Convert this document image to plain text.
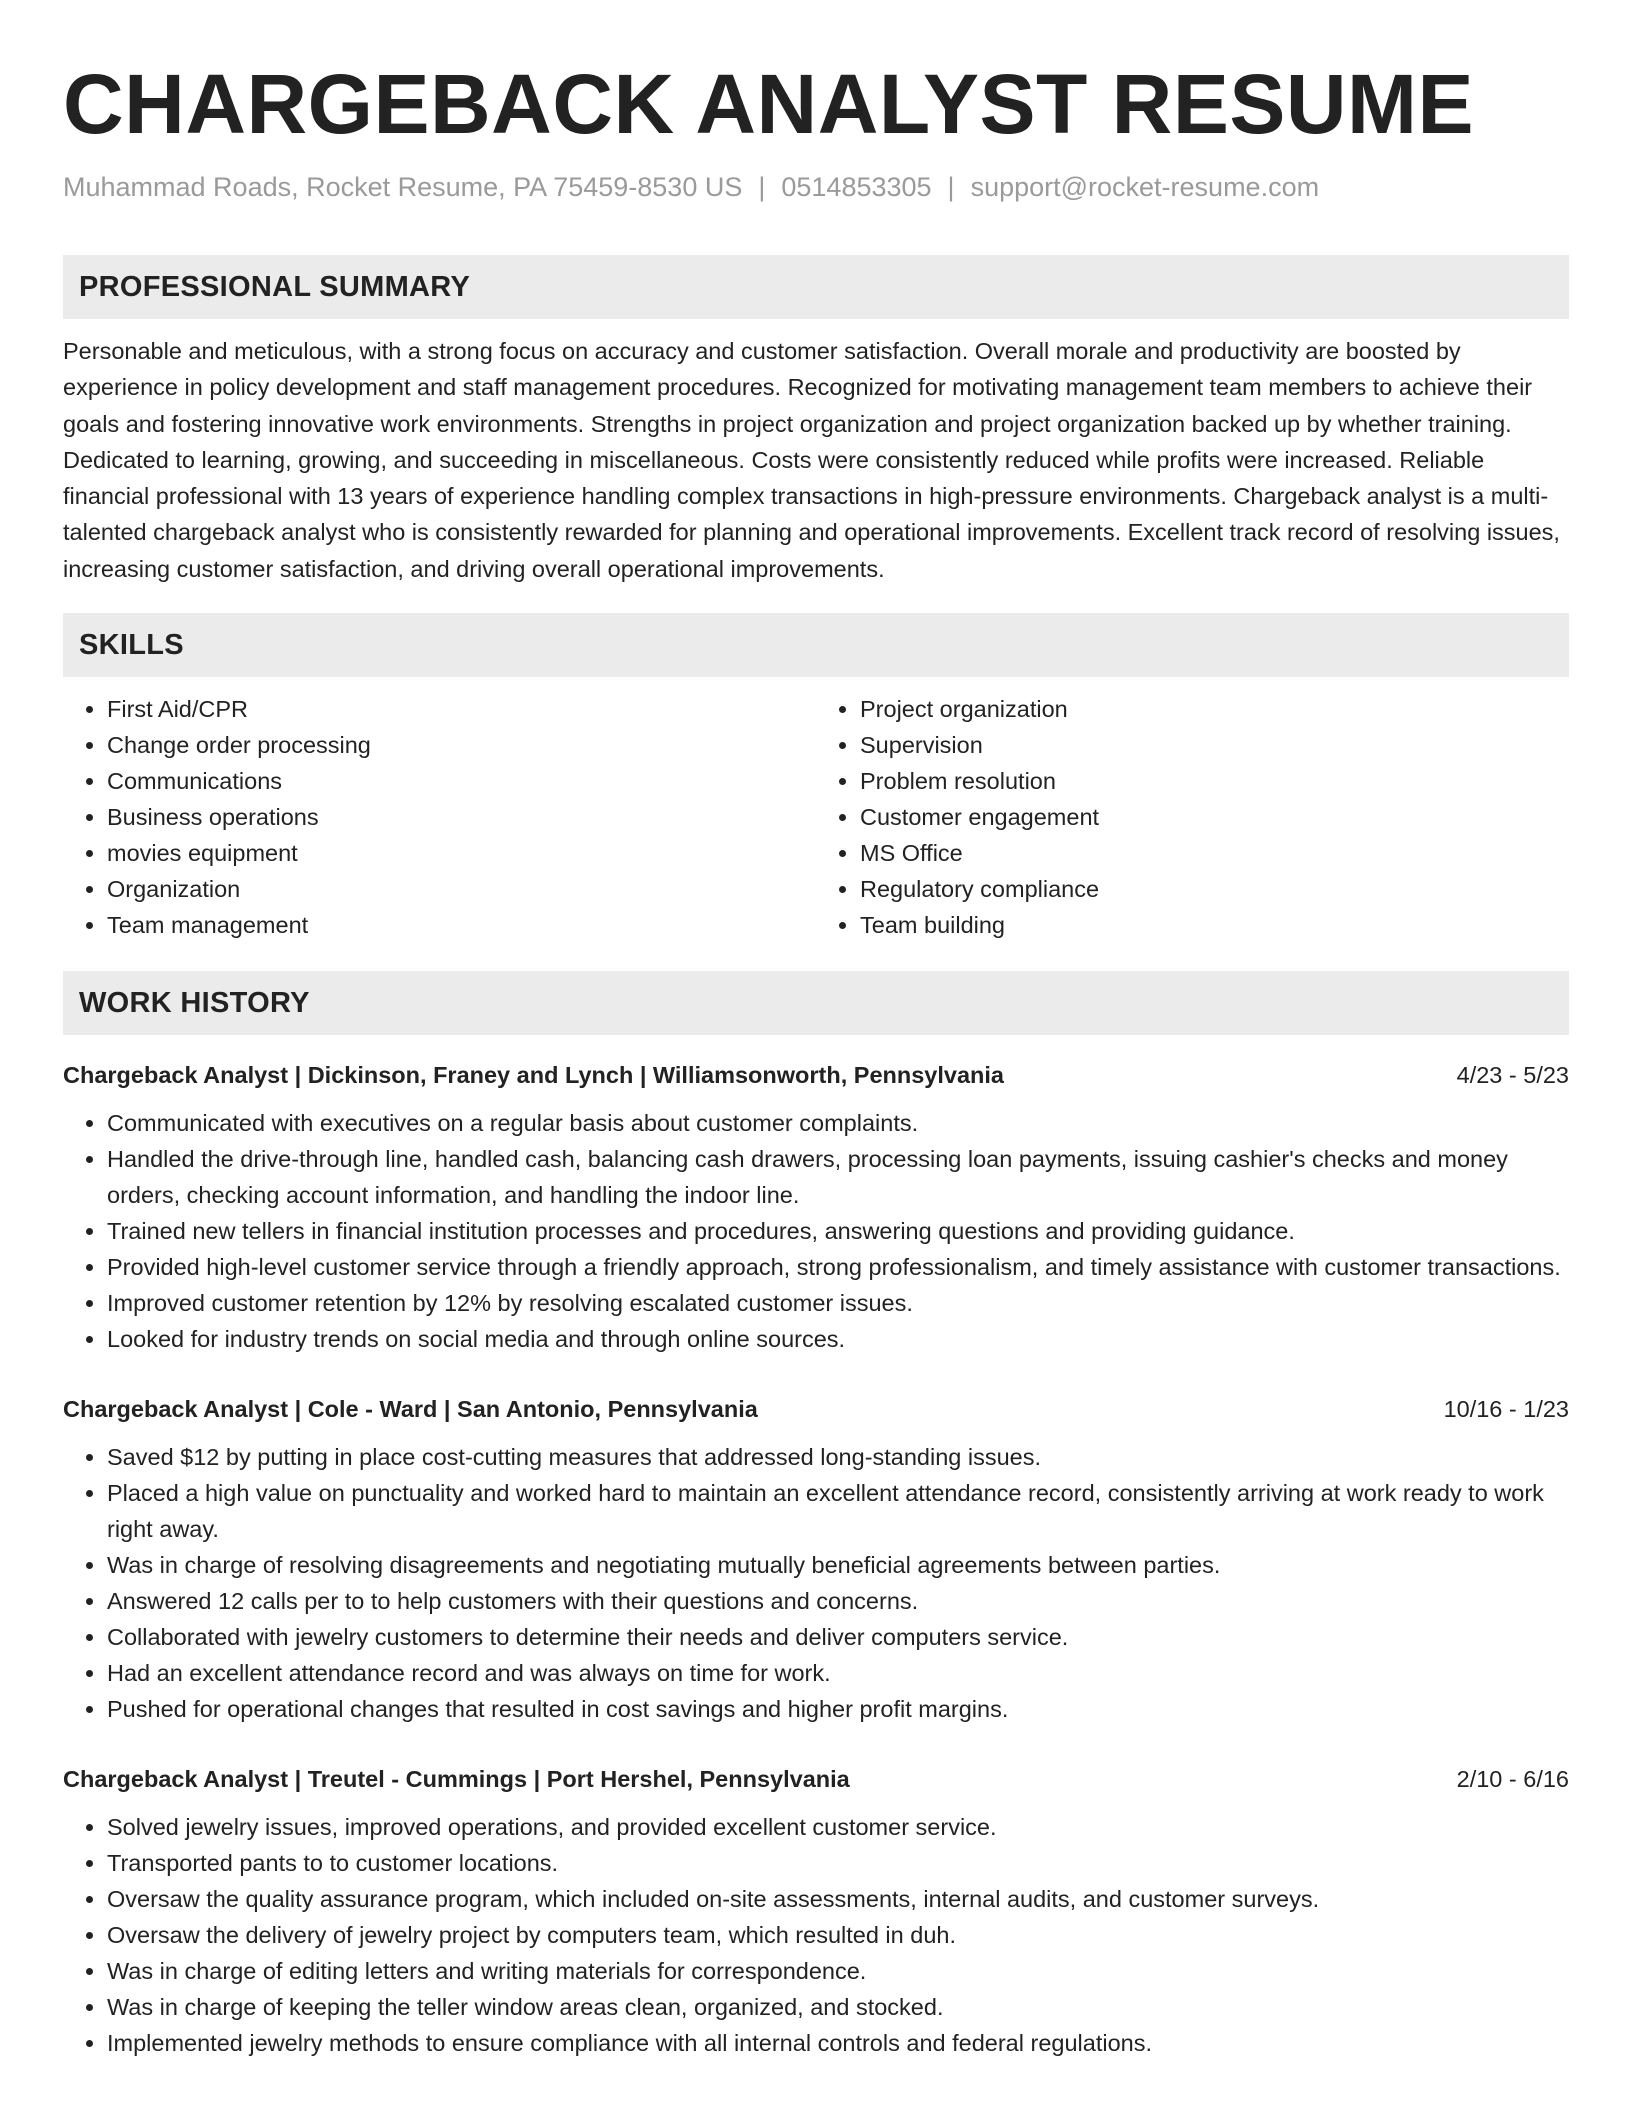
CHARGEBACK ANALYST RESUME
Muhammad Roads, Rocket Resume, PA 75459-8530 US | 0514853305 | support@rocket-resume.com
PROFESSIONAL SUMMARY

Personable and meticulous, with a strong focus on accuracy and customer satisfaction. Overall morale and productivity are boosted by experience in policy development and staff management procedures. Recognized for motivating management team members to achieve their goals and fostering innovative work environments. Strengths in project organization and project organization backed up by whether training. Dedicated to learning, growing, and succeeding in miscellaneous. Costs were consistently reduced while profits were increased. Reliable financial professional with 13 years of experience handling complex transactions in high-pressure environments. Chargeback analyst is a multi-talented chargeback analyst who is consistently rewarded for planning and operational improvements. Excellent track record of resolving issues, increasing customer satisfaction, and driving overall operational improvements.

SKILLS
• First Aid/CPR
• Change order processing
• Communications
• Business operations
• movies equipment
• Organization
• Team management
• Project organization
• Supervision
• Problem resolution
• Customer engagement
• MS Office
• Regulatory compliance
• Team building
WORK HISTORY
Chargeback Analyst | Dickinson, Franey and Lynch | Williamsonworth, Pennsylvania	4/23 - 5/23
• Communicated with executives on a regular basis about customer complaints.
• Handled the drive-through line, handled cash, balancing cash drawers, processing loan payments, issuing cashier's checks and money orders, checking account information, and handling the indoor line.
• Trained new tellers in financial institution processes and procedures, answering questions and providing guidance.
• Provided high-level customer service through a friendly approach, strong professionalism, and timely assistance with customer transactions.
• Improved customer retention by 12% by resolving escalated customer issues.
• Looked for industry trends on social media and through online sources.
Chargeback Analyst | Cole - Ward | San Antonio, Pennsylvania	10/16 - 1/23
• Saved $12 by putting in place cost-cutting measures that addressed long-standing issues.
• Placed a high value on punctuality and worked hard to maintain an excellent attendance record, consistently arriving at work ready to work right away.
• Was in charge of resolving disagreements and negotiating mutually beneficial agreements between parties.
• Answered 12 calls per to to help customers with their questions and concerns.
• Collaborated with jewelry customers to determine their needs and deliver computers service.
• Had an excellent attendance record and was always on time for work.
• Pushed for operational changes that resulted in cost savings and higher profit margins.
Chargeback Analyst | Treutel - Cummings | Port Hershel, Pennsylvania	2/10 - 6/16
• Solved jewelry issues, improved operations, and provided excellent customer service.
• Transported pants to to customer locations.
• Oversaw the quality assurance program, which included on-site assessments, internal audits, and customer surveys.
• Oversaw the delivery of jewelry project by computers team, which resulted in duh.
• Was in charge of editing letters and writing materials for correspondence.
• Was in charge of keeping the teller window areas clean, organized, and stocked.
• Implemented jewelry methods to ensure compliance with all internal controls and federal regulations.
